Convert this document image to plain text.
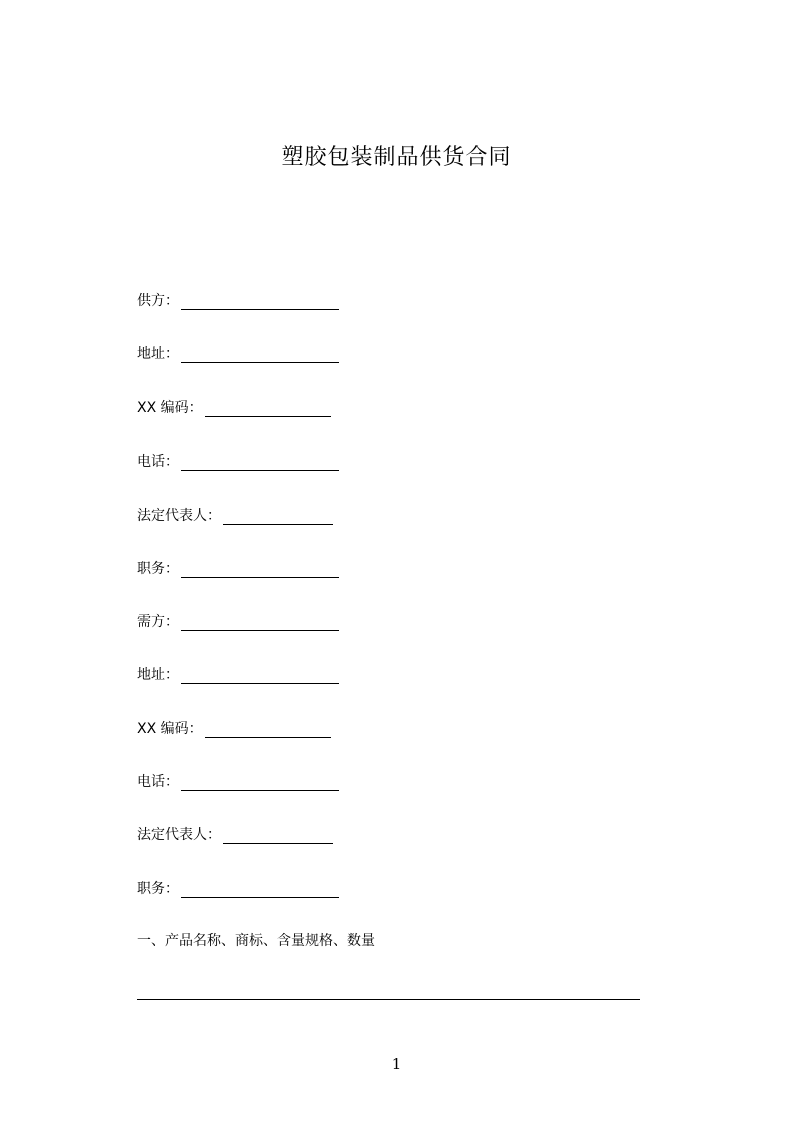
塑胶包装制品供货合同
供方：
地址：
XX 编码：
电话：
法定代表人：
职务：
需方：
地址：
XX 编码：
电话：
法定代表人：
职务：
一、产品名称、商标、含量规格、数量
1
